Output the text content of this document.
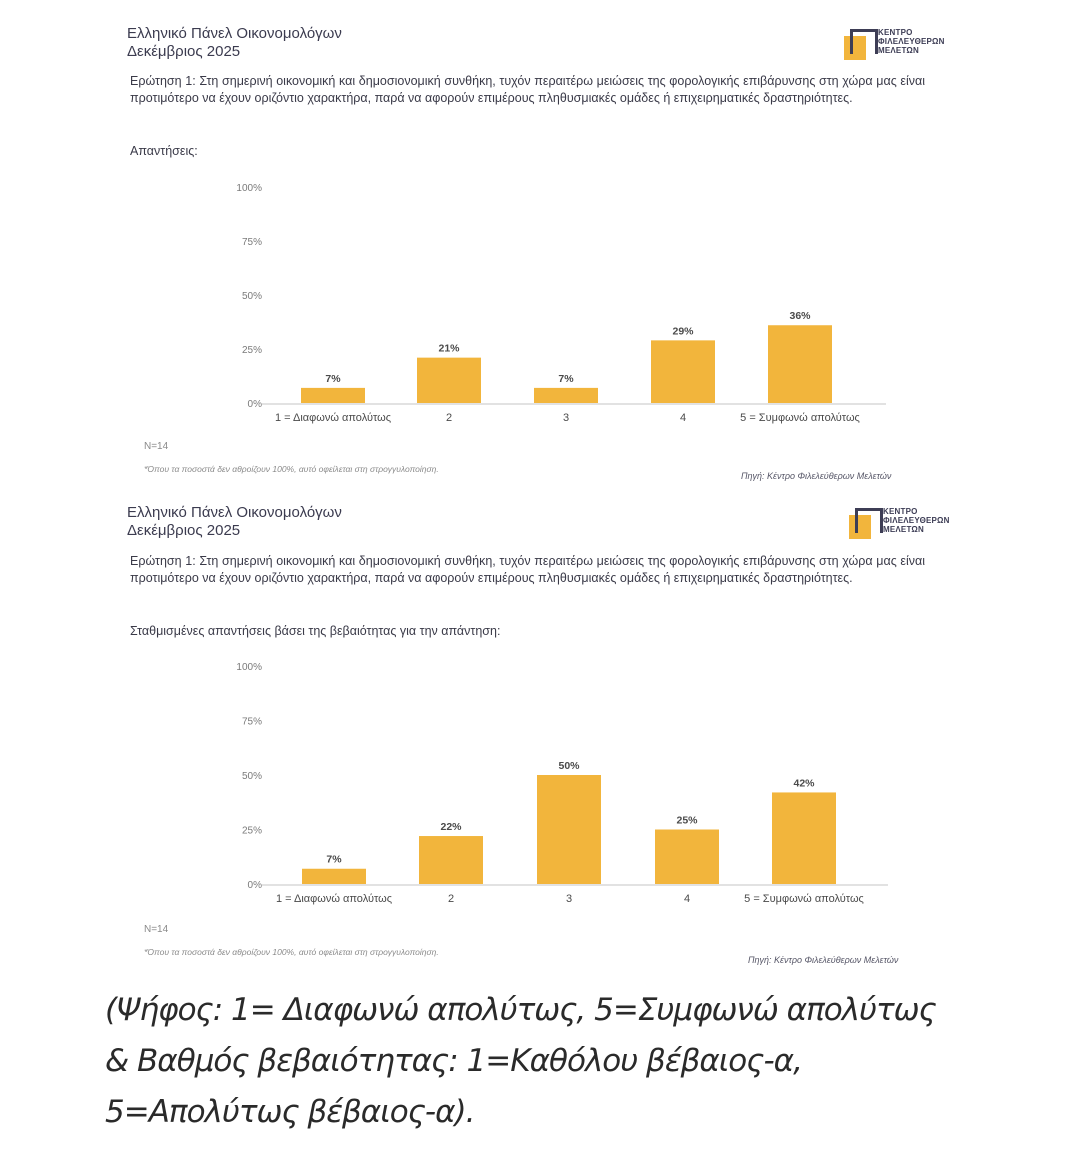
Ελληνικό Πάνελ Οικονομολόγων
Δεκέμβριος 2025
ΚΕΝΤΡΟ
ΦΙΛΕΛΕΥΘΕΡΩΝ
ΜΕΛΕΤΩΝ
Ερώτηση 1: Στη σημερινή οικονομική και δημοσιονομική συνθήκη, τυχόν περαιτέρω μειώσεις της φορολογικής επιβάρυνσης στη χώρα μας είναι προτιμότερο να έχουν οριζόντιο χαρακτήρα, παρά να αφορούν επιμέρους πληθυσμιακές ομάδες ή επιχειρηματικές δραστηριότητες.
Απαντήσεις:
0%
25%
50%
75%
100%
7%
1 = Διαφωνώ απολύτως
21%
2
7%
3
29%
4
36%
5 = Συμφωνώ απολύτως
N=14
*Όπου τα ποσοστά δεν αθροίζουν 100%, αυτό οφείλεται στη στρογγυλοποίηση.
Πηγή: Κέντρο Φιλελεύθερων Μελετών
Ελληνικό Πάνελ Οικονομολόγων
Δεκέμβριος 2025
ΚΕΝΤΡΟ
ΦΙΛΕΛΕΥΘΕΡΩΝ
ΜΕΛΕΤΩΝ
Ερώτηση 1: Στη σημερινή οικονομική και δημοσιονομική συνθήκη, τυχόν περαιτέρω μειώσεις της φορολογικής επιβάρυνσης στη χώρα μας είναι προτιμότερο να έχουν οριζόντιο χαρακτήρα, παρά να αφορούν επιμέρους πληθυσμιακές ομάδες ή επιχειρηματικές δραστηριότητες.
Σταθμισμένες απαντήσεις βάσει της βεβαιότητας για την απάντηση:
0%
25%
50%
75%
100%
7%
1 = Διαφωνώ απολύτως
22%
2
50%
3
25%
4
42%
5 = Συμφωνώ απολύτως
N=14
*Όπου τα ποσοστά δεν αθροίζουν 100%, αυτό οφείλεται στη στρογγυλοποίηση.
Πηγή: Κέντρο Φιλελεύθερων Μελετών
(Ψήφος: 1= Διαφωνώ απολύτως, 5=Συμφωνώ απολύτως
& Βαθμός βεβαιότητας: 1=Καθόλου βέβαιος-α,
5=Απολύτως βέβαιος-α).
